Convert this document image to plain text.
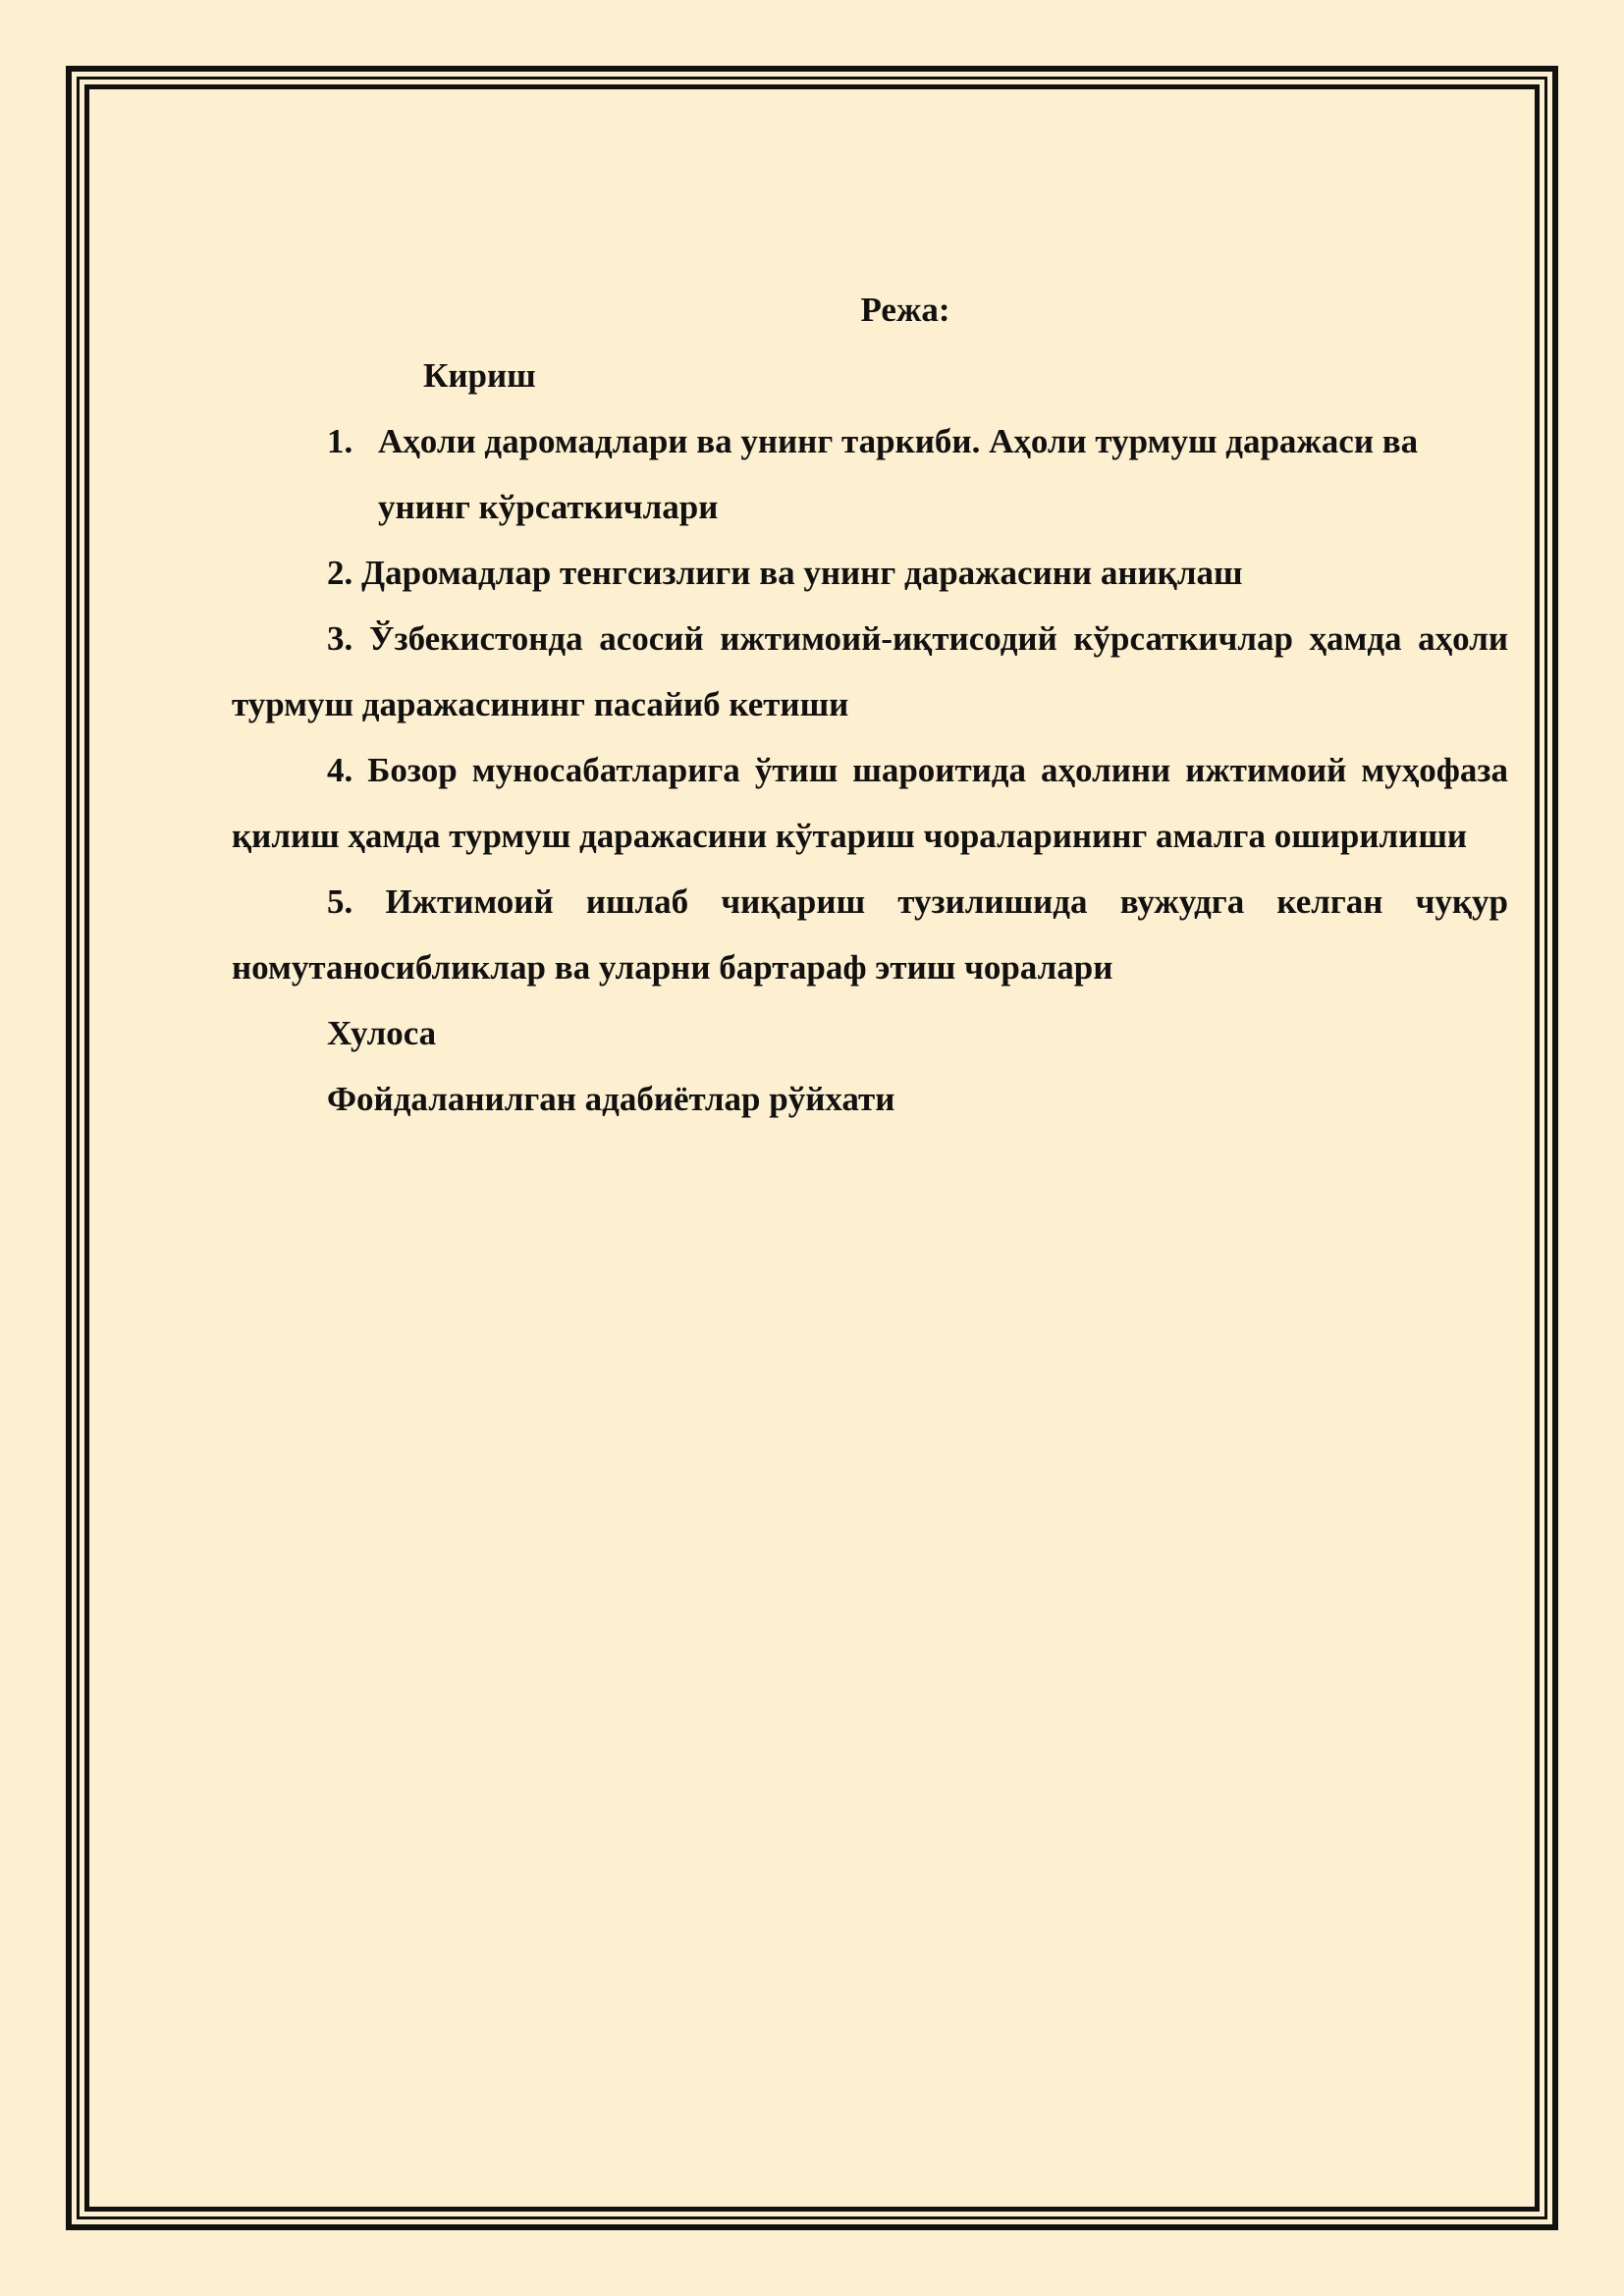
Режа:

Кириш

1. Аҳоли даромадлари ва унинг таркиби. Аҳоли турмуш даражаси ва унинг кўрсаткичлари

2. Даромадлар тенгсизлиги ва унинг даражасини аниқлаш

3. Ўзбекистонда асосий ижтимоий-иқтисодий кўрсаткичлар ҳамда аҳоли турмуш даражасининг пасайиб кетиши

4. Бозор муносабатларига ўтиш шароитида аҳолини ижтимоий муҳофаза қилиш ҳамда турмуш даражасини кўтариш чораларининг амалга оширилиши

5. Ижтимоий ишлаб чиқариш тузилишида вужудга келган чуқур номутаносибликлар ва уларни бартараф этиш чоралари

Хулоса

Фойдаланилган адабиётлар рўйхати
